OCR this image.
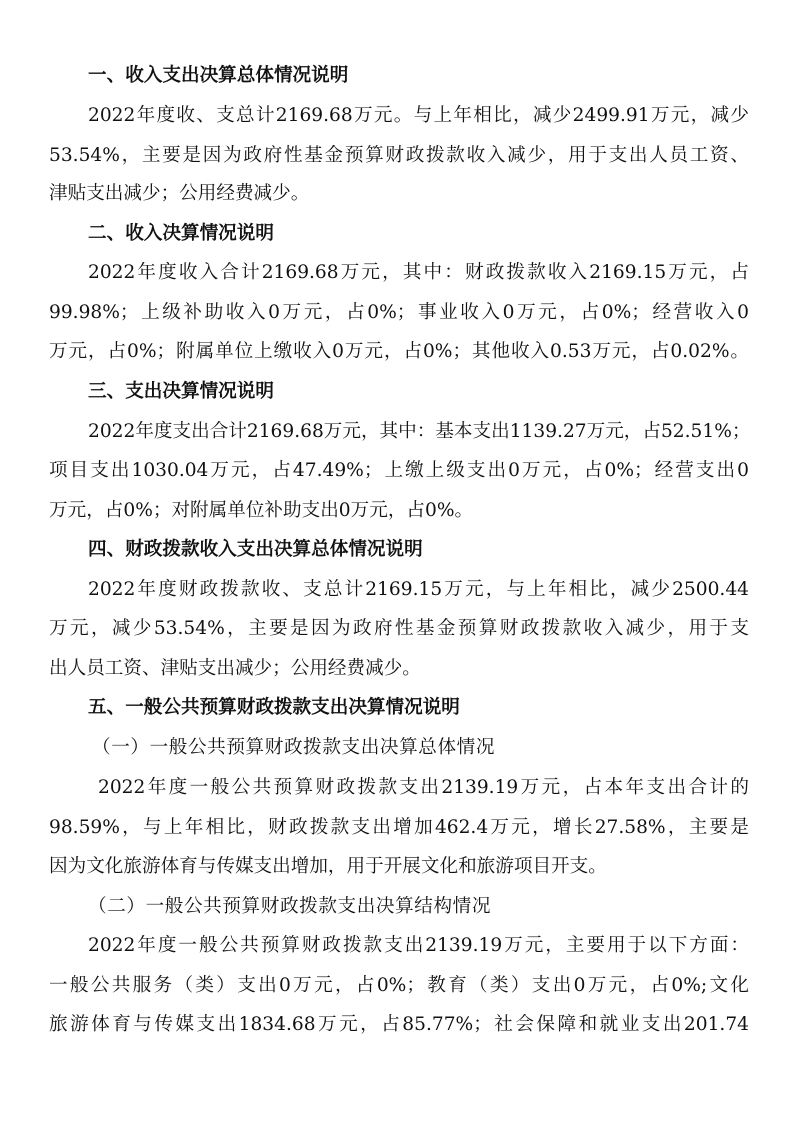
一、收入支出决算总体情况说明
2022年度收、支总计2169.68万元。与上年相比，减少2499.91万元，减少
53.54%，主要是因为政府性基金预算财政拨款收入减少，用于支出人员工资、
津贴支出减少；公用经费减少。
二、收入决算情况说明
2022年度收入合计2169.68万元，其中：财政拨款收入2169.15万元，占
99.98%；上级补助收入0万元，占0%；事业收入0万元，占0%；经营收入0
万元，占0%；附属单位上缴收入0万元，占0%；其他收入0.53万元，占0.02%。
三、支出决算情况说明
2022年度支出合计2169.68万元，其中：基本支出1139.27万元，占52.51%；
项目支出1030.04万元，占47.49%；上缴上级支出0万元，占0%；经营支出0
万元，占0%；对附属单位补助支出0万元，占0%。
四、财政拨款收入支出决算总体情况说明
2022年度财政拨款收、支总计2169.15万元，与上年相比，减少2500.44
万元，减少53.54%，主要是因为政府性基金预算财政拨款收入减少，用于支
出人员工资、津贴支出减少；公用经费减少。
五、一般公共预算财政拨款支出决算情况说明
（一）一般公共预算财政拨款支出决算总体情况
2022年度一般公共预算财政拨款支出2139.19万元，占本年支出合计的
98.59%，与上年相比，财政拨款支出增加462.4万元，增长27.58%，主要是
因为文化旅游体育与传媒支出增加，用于开展文化和旅游项目开支。
（二）一般公共预算财政拨款支出决算结构情况
2022年度一般公共预算财政拨款支出2139.19万元，主要用于以下方面：
一般公共服务（类）支出0万元，占0%；教育（类）支出0万元，占0%;文化
旅游体育与传媒支出1834.68万元，占85.77%；社会保障和就业支出201.74
